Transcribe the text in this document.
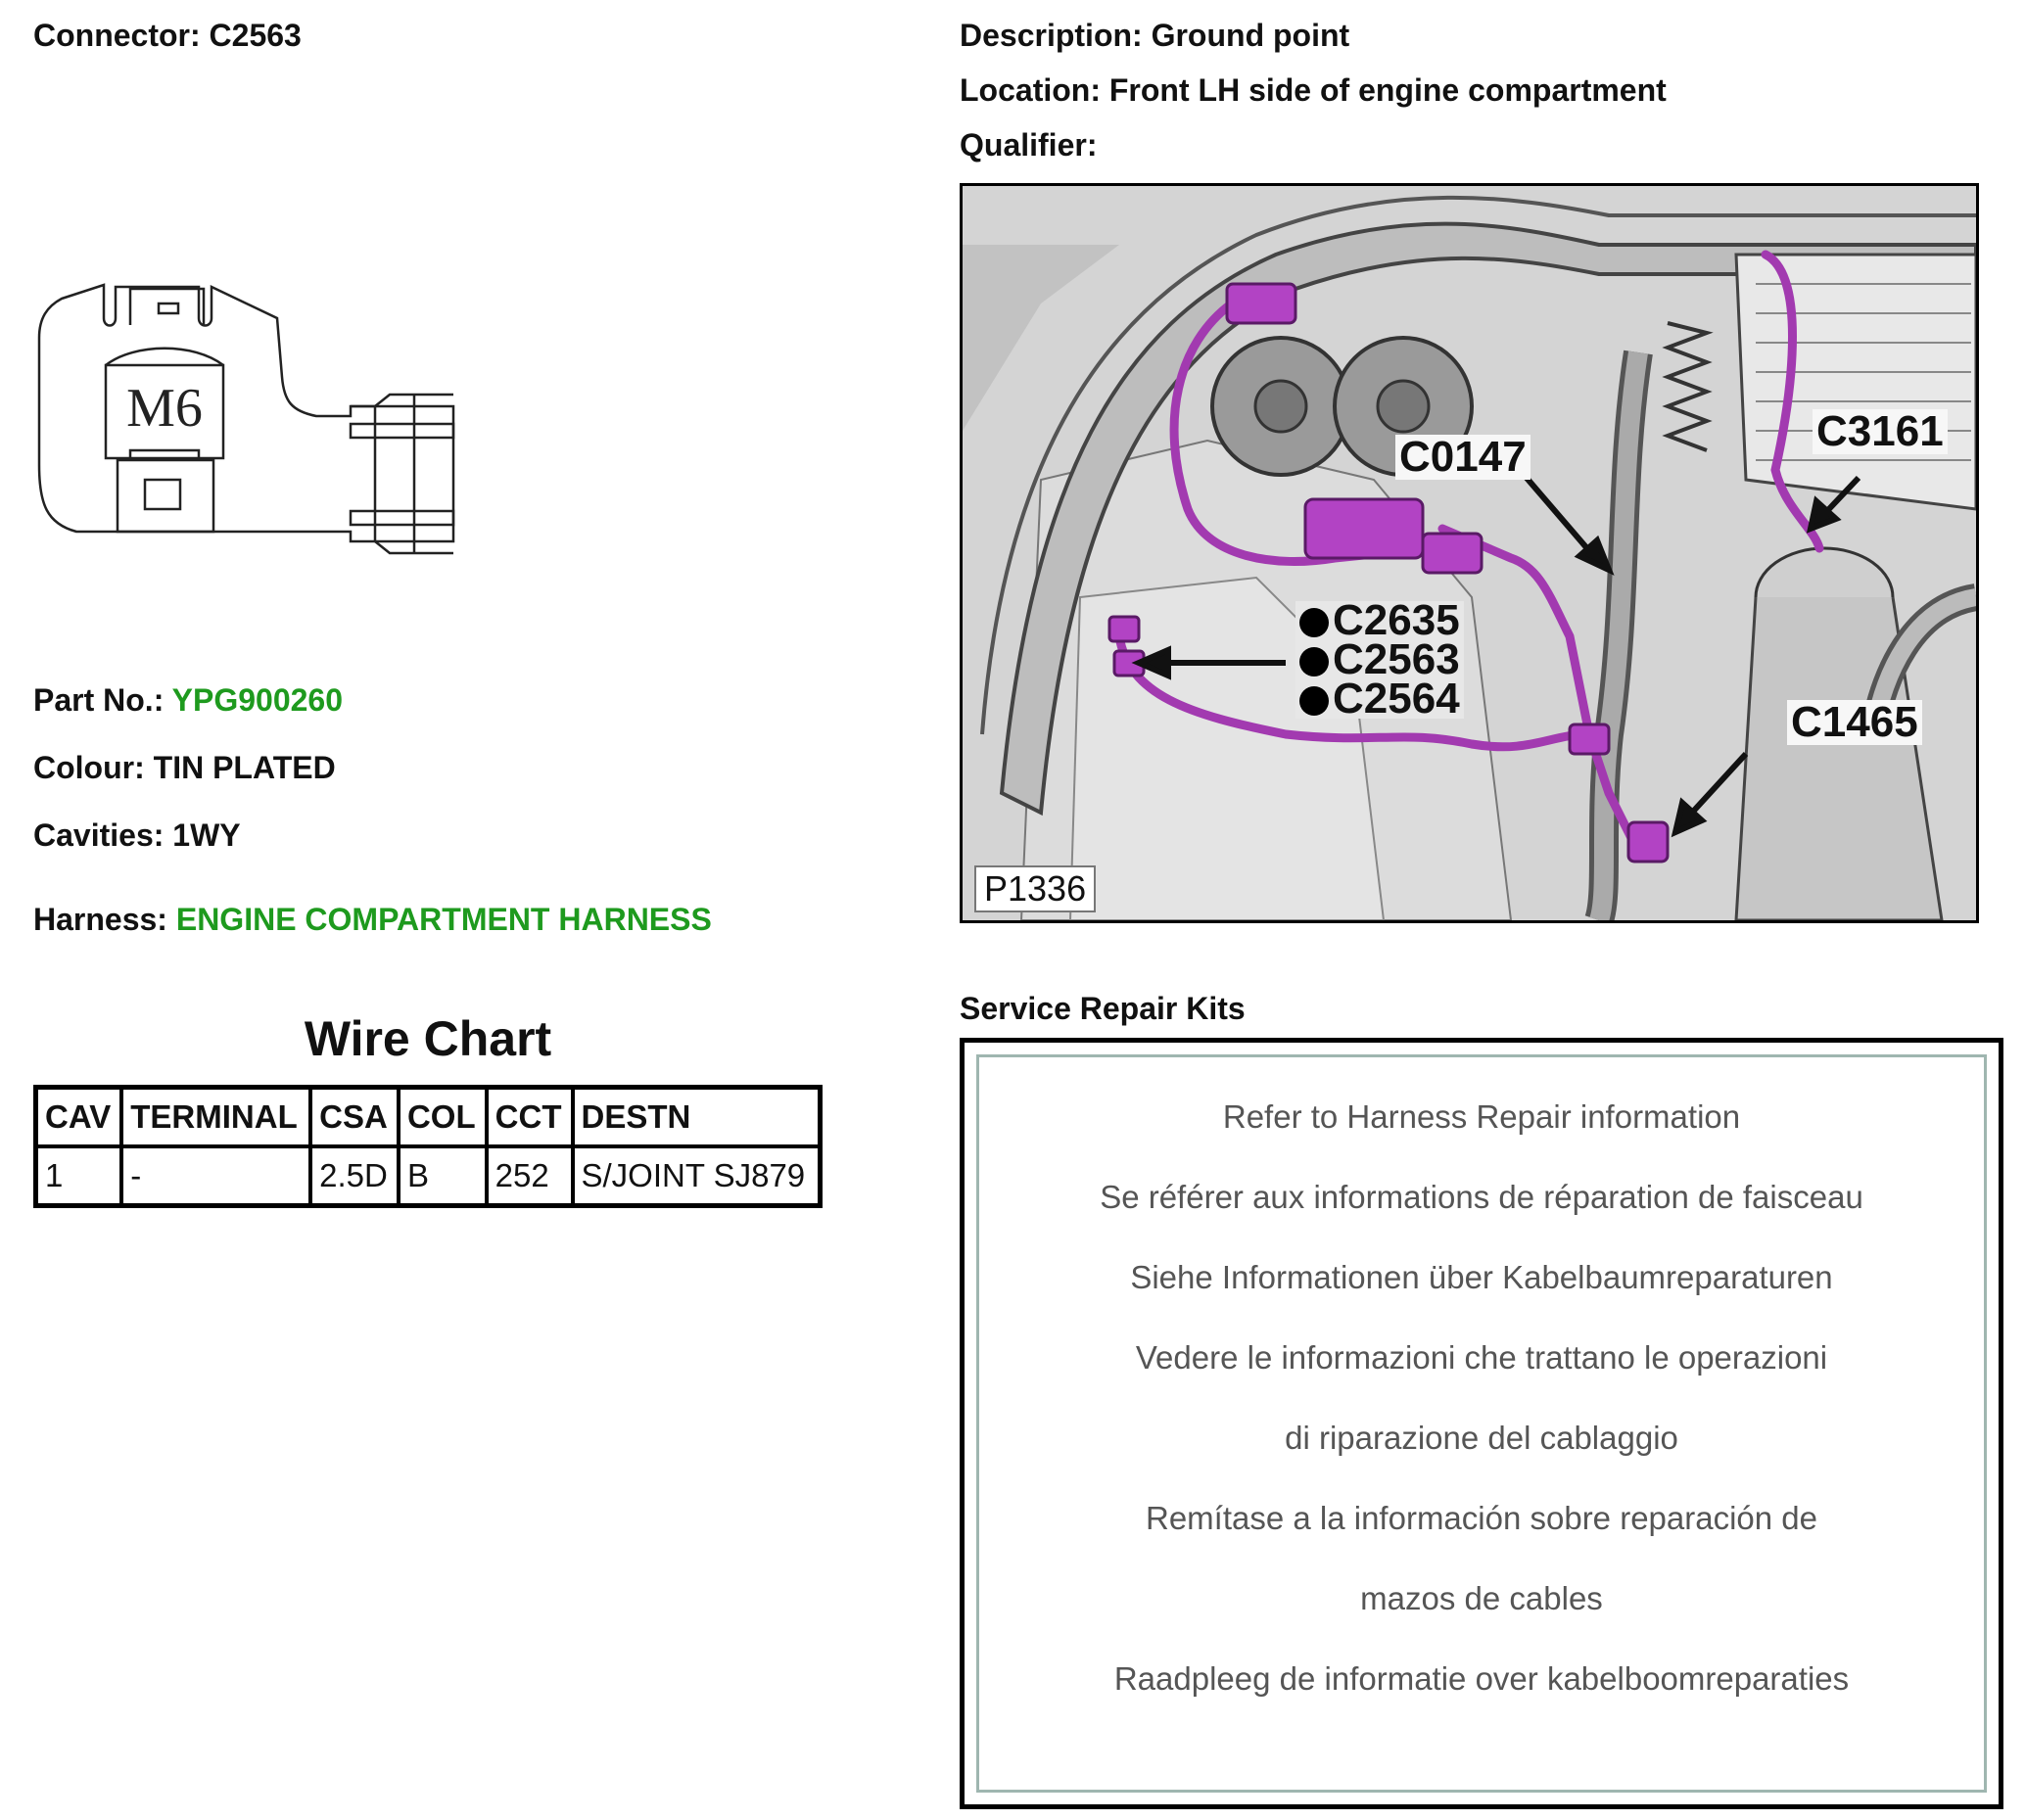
Connector: C2563	Description: Ground point
Location: Front LH side of engine compartment
Qualifier:
M6
Part No.: YPG900260
Colour: TIN PLATED
Cavities: 1WY
Harness: ENGINE COMPARTMENT HARNESS
Wire Chart
CAV	TERMINAL	CSA	COL	CCT	DESTN
1	-	2.5D	B	252	S/JOINT SJ879
C0147
C3161
C1465
C2635
C2563
C2564
P1336
Service Repair Kits
Refer to Harness Repair information
Se référer aux informations de réparation de faisceau
Siehe Informationen über Kabelbaumreparaturen
Vedere le informazioni che trattano le operazioni
di riparazione del cablaggio
Remítase a la información sobre reparación de
mazos de cables
Raadpleeg de informatie over kabelboomreparaties
